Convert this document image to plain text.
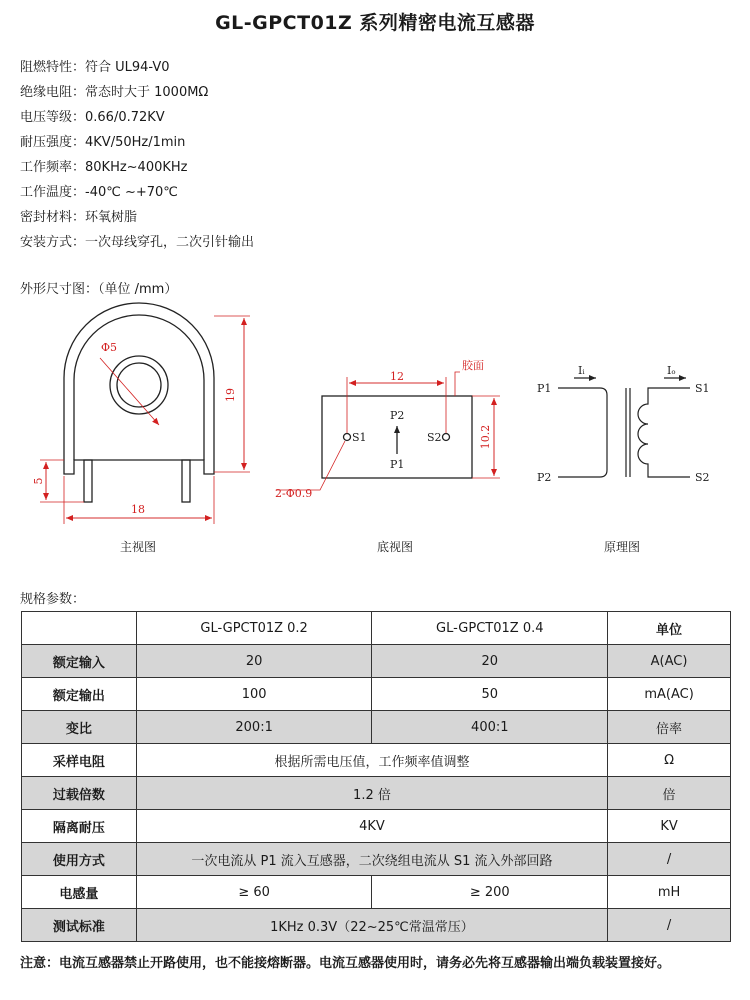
GL-GPCT01Z 系列精密电流互感器
阻燃特性：符合 UL94-V0
绝缘电阻：常态时大于 1000MΩ
电压等级：0.66/0.72KV
耐压强度：4KV/50Hz/1min
工作频率：80KHz~400KHz
工作温度：-40℃ ~+70℃
密封材料：环氧树脂
安装方式：一次母线穿孔，二次引针输出
外形尺寸图：（单位 /mm）
Φ5
19
5
18
12
10.2
胶面
2-Φ0.9
S1	S2
P2
P1
P1
P2
S1
S2
Iᵢ	Iₒ
主视图	底视图	原理图
规格参数：
	GL-GPCT01Z 0.2	GL-GPCT01Z 0.4	单位
额定输入	20	20	A(AC)
额定输出	100	50	mA(AC)
变比	200:1	400:1	倍率
采样电阻	根据所需电压值，工作频率值调整		Ω
过载倍数	1.2 倍		倍
隔离耐压	4KV		KV
使用方式	一次电流从 P1 流入互感器，二次绕组电流从 S1 流入外部回路		/
电感量	≥ 60	≥ 200	mH
测试标准	1KHz 0.3V（22~25℃常温常压）		/
注意：电流互感器禁止开路使用，也不能接熔断器。电流互感器使用时，请务必先将互感器输出端负载装置接好。
